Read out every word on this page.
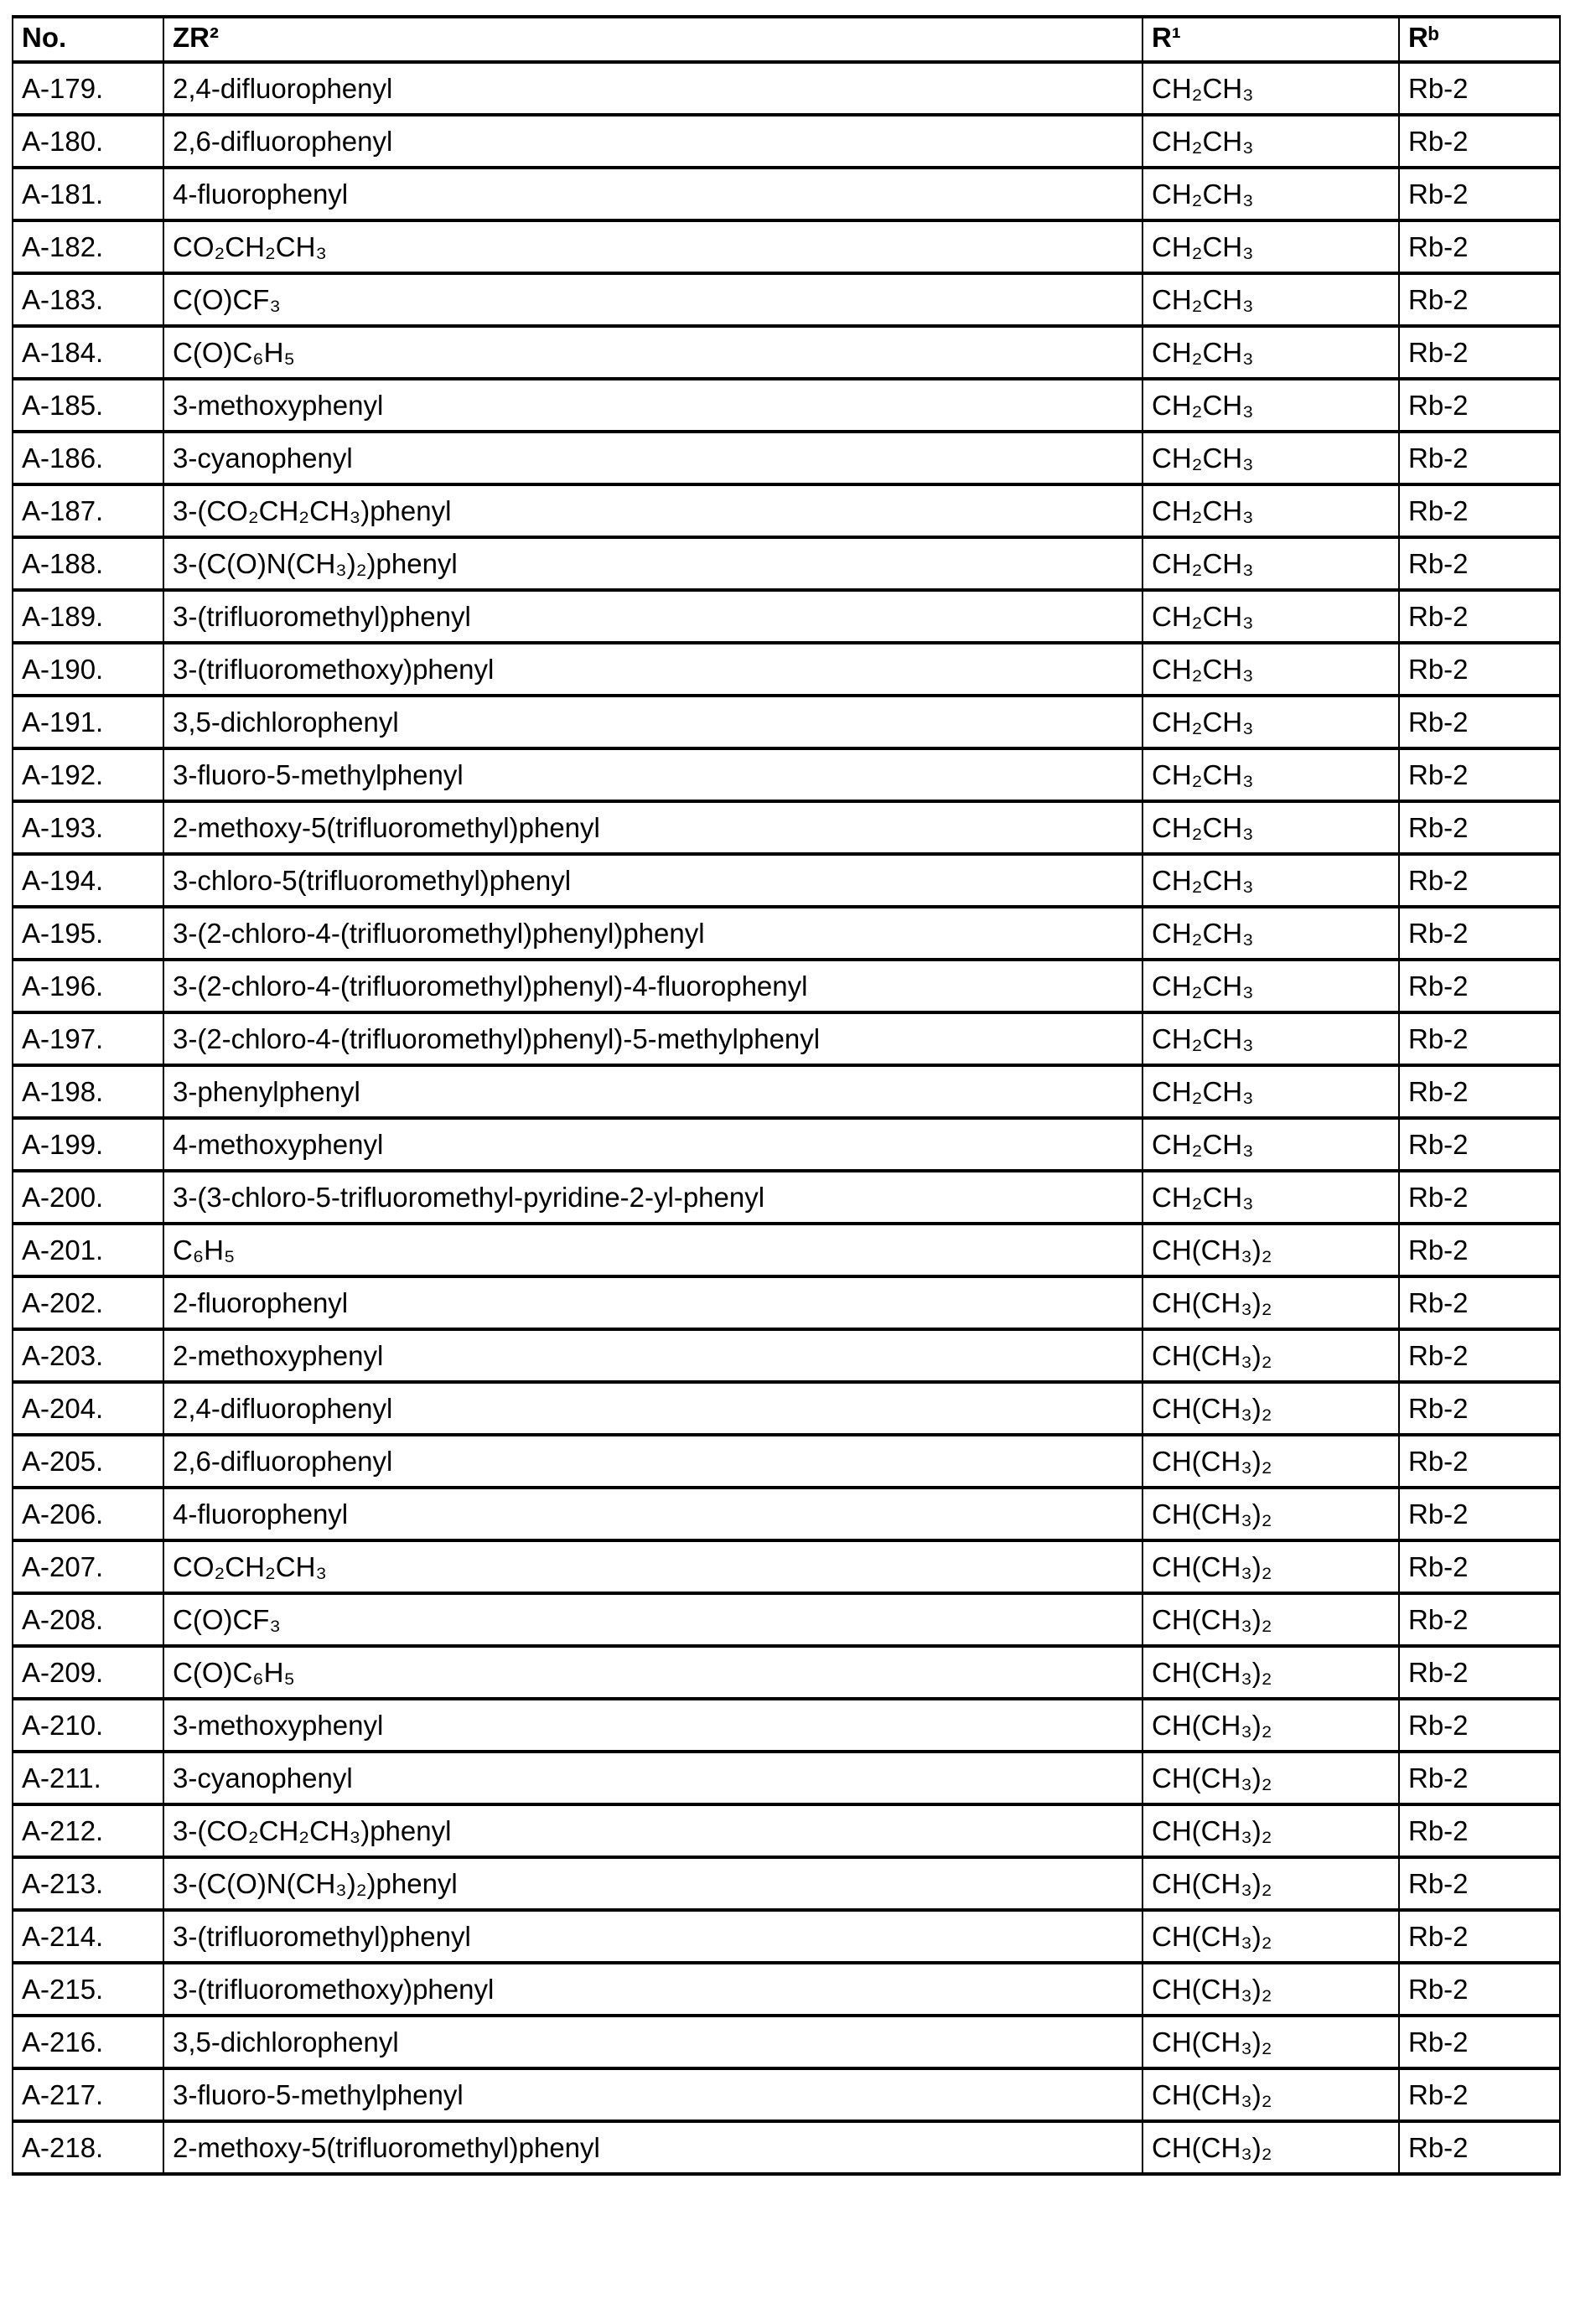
No.	ZR²	R¹	Rᵇ
A-179.	2,4-difluorophenyl	CH₂CH₃	Rb-2
A-180.	2,6-difluorophenyl	CH₂CH₃	Rb-2
A-181.	4-fluorophenyl	CH₂CH₃	Rb-2
A-182.	CO₂CH₂CH₃	CH₂CH₃	Rb-2
A-183.	C(O)CF₃	CH₂CH₃	Rb-2
A-184.	C(O)C₆H₅	CH₂CH₃	Rb-2
A-185.	3-methoxyphenyl	CH₂CH₃	Rb-2
A-186.	3-cyanophenyl	CH₂CH₃	Rb-2
A-187.	3-(CO₂CH₂CH₃)phenyl	CH₂CH₃	Rb-2
A-188.	3-(C(O)N(CH₃)₂)phenyl	CH₂CH₃	Rb-2
A-189.	3-(trifluoromethyl)phenyl	CH₂CH₃	Rb-2
A-190.	3-(trifluoromethoxy)phenyl	CH₂CH₃	Rb-2
A-191.	3,5-dichlorophenyl	CH₂CH₃	Rb-2
A-192.	3-fluoro-5-methylphenyl	CH₂CH₃	Rb-2
A-193.	2-methoxy-5(trifluoromethyl)phenyl	CH₂CH₃	Rb-2
A-194.	3-chloro-5(trifluoromethyl)phenyl	CH₂CH₃	Rb-2
A-195.	3-(2-chloro-4-(trifluoromethyl)phenyl)phenyl	CH₂CH₃	Rb-2
A-196.	3-(2-chloro-4-(trifluoromethyl)phenyl)-4-fluorophenyl	CH₂CH₃	Rb-2
A-197.	3-(2-chloro-4-(trifluoromethyl)phenyl)-5-methylphenyl	CH₂CH₃	Rb-2
A-198.	3-phenylphenyl	CH₂CH₃	Rb-2
A-199.	4-methoxyphenyl	CH₂CH₃	Rb-2
A-200.	3-(3-chloro-5-trifluoromethyl-pyridine-2-yl-phenyl	CH₂CH₃	Rb-2
A-201.	C₆H₅	CH(CH₃)₂	Rb-2
A-202.	2-fluorophenyl	CH(CH₃)₂	Rb-2
A-203.	2-methoxyphenyl	CH(CH₃)₂	Rb-2
A-204.	2,4-difluorophenyl	CH(CH₃)₂	Rb-2
A-205.	2,6-difluorophenyl	CH(CH₃)₂	Rb-2
A-206.	4-fluorophenyl	CH(CH₃)₂	Rb-2
A-207.	CO₂CH₂CH₃	CH(CH₃)₂	Rb-2
A-208.	C(O)CF₃	CH(CH₃)₂	Rb-2
A-209.	C(O)C₆H₅	CH(CH₃)₂	Rb-2
A-210.	3-methoxyphenyl	CH(CH₃)₂	Rb-2
A-211.	3-cyanophenyl	CH(CH₃)₂	Rb-2
A-212.	3-(CO₂CH₂CH₃)phenyl	CH(CH₃)₂	Rb-2
A-213.	3-(C(O)N(CH₃)₂)phenyl	CH(CH₃)₂	Rb-2
A-214.	3-(trifluoromethyl)phenyl	CH(CH₃)₂	Rb-2
A-215.	3-(trifluoromethoxy)phenyl	CH(CH₃)₂	Rb-2
A-216.	3,5-dichlorophenyl	CH(CH₃)₂	Rb-2
A-217.	3-fluoro-5-methylphenyl	CH(CH₃)₂	Rb-2
A-218.	2-methoxy-5(trifluoromethyl)phenyl	CH(CH₃)₂	Rb-2
